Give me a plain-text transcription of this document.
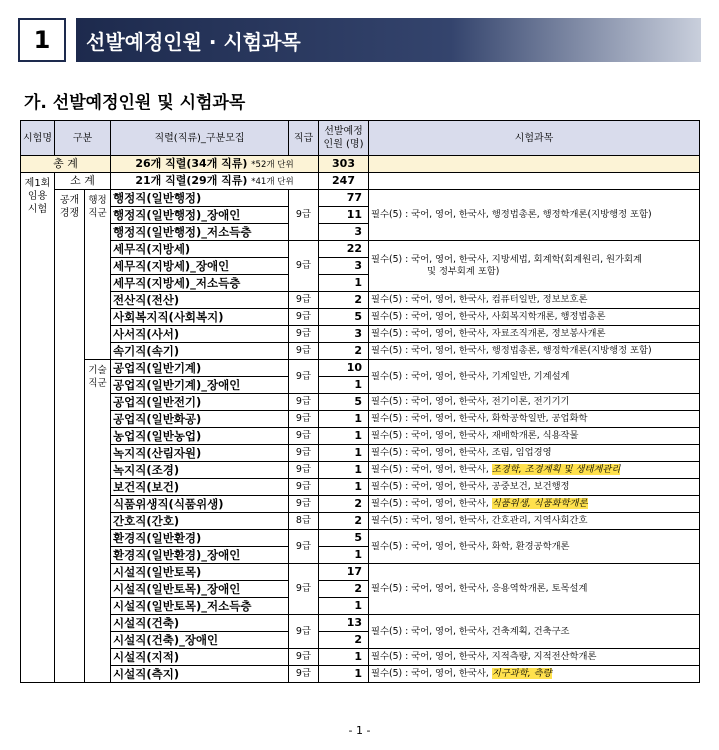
1	선발예정인원 · 시험과목
가. 선발예정인원 및 시험과목
시험명	구분		직렬(직류)_구분모집	직급	선발예정 인원 (명)	시험과목
총 계			26개 직렬(34개 직류) *52개 단위		303	
제1회 임용 시험	소 계		21개 직렬(29개 직류) *41개 단위		247	
	공개 경쟁	행정 직군	행정직(일반행정)	9급	77	필수(5) : 국어, 영어, 한국사, 행정법총론, 행정학개론(지방행정 포함)
			행정직(일반행정)_장애인		11	
			행정직(일반행정)_저소득층		3	
			세무직(지방세)	9급	22	필수(5) : 국어, 영어, 한국사, 지방세법, 회계학(회계원리, 원가회계
및 정부회계 포함)
			세무직(지방세)_장애인		3	
			세무직(지방세)_저소득층		1	
			전산직(전산)	9급	2	필수(5) : 국어, 영어, 한국사, 컴퓨터일반, 정보보호론
			사회복지직(사회복지)	9급	5	필수(5) : 국어, 영어, 한국사, 사회복지학개론, 행정법총론
			사서직(사서)	9급	3	필수(5) : 국어, 영어, 한국사, 자료조직개론, 정보봉사개론
			속기직(속기)	9급	2	필수(5) : 국어, 영어, 한국사, 행정법총론, 행정학개론(지방행정 포함)
		기술 직군	공업직(일반기계)	9급	10	필수(5) : 국어, 영어, 한국사, 기계일반, 기계설계
			공업직(일반기계)_장애인		1	
			공업직(일반전기)	9급	5	필수(5) : 국어, 영어, 한국사, 전기이론, 전기기기
			공업직(일반화공)	9급	1	필수(5) : 국어, 영어, 한국사, 화학공학일반, 공업화학
			농업직(일반농업)	9급	1	필수(5) : 국어, 영어, 한국사, 재배학개론, 식용작물
			녹지직(산림자원)	9급	1	필수(5) : 국어, 영어, 한국사, 조림, 임업경영
			녹지직(조경)	9급	1	필수(5) : 국어, 영어, 한국사, 조경학, 조경계획 및 생태계관리
			보건직(보건)	9급	1	필수(5) : 국어, 영어, 한국사, 공중보건, 보건행정
			식품위생직(식품위생)	9급	2	필수(5) : 국어, 영어, 한국사, 식품위생, 식품화학개론
			간호직(간호)	8급	2	필수(5) : 국어, 영어, 한국사, 간호관리, 지역사회간호
			환경직(일반환경)	9급	5	필수(5) : 국어, 영어, 한국사, 화학, 환경공학개론
			환경직(일반환경)_장애인		1	
			시설직(일반토목)	9급	17	필수(5) : 국어, 영어, 한국사, 응용역학개론, 토목설계
			시설직(일반토목)_장애인		2	
			시설직(일반토목)_저소득층		1	
			시설직(건축)	9급	13	필수(5) : 국어, 영어, 한국사, 건축계획, 건축구조
			시설직(건축)_장애인		2	
			시설직(지적)	9급	1	필수(5) : 국어, 영어, 한국사, 지적측량, 지적전산학개론
			시설직(측지)	9급	1	필수(5) : 국어, 영어, 한국사, 지구과학, 측량
- 1 -
